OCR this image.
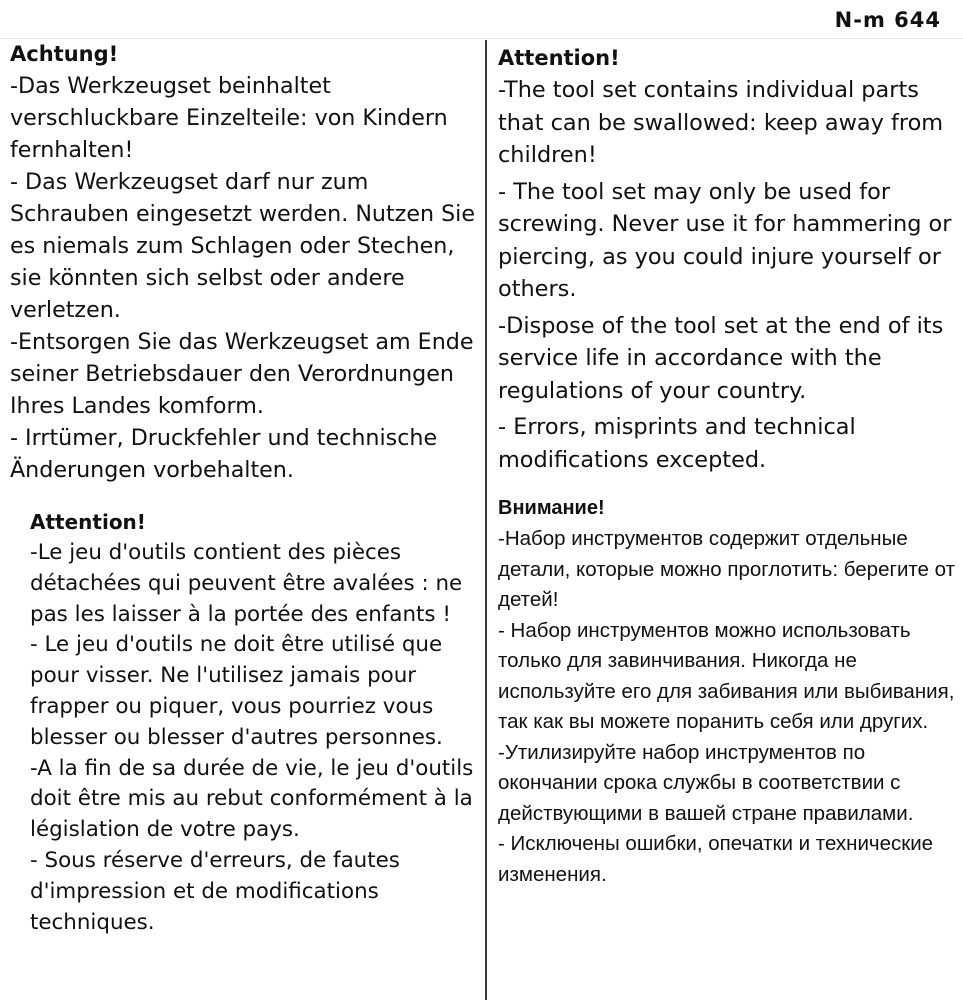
N-m 644
Achtung!

-Das Werkzeugset beinhaltet verschluckbare Einzelteile: von Kindern fernhalten!

- Das Werkzeugset darf nur zum Schrauben eingesetzt werden. Nutzen Sie es niemals zum Schlagen oder Stechen, sie könnten sich selbst oder andere verletzen.

-Entsorgen Sie das Werkzeugset am Ende seiner Betriebsdauer den Verordnungen Ihres Landes komform.

- Irrtümer, Druckfehler und technische Änderungen vorbehalten.

Attention!

-The tool set contains individual parts that can be swallowed: keep away from children!

- The tool set may only be used for screwing. Never use it for hammering or piercing, as you could injure yourself or others.

-Dispose of the tool set at the end of its service life in accordance with the regulations of your country.

- Errors, misprints and technical modifications excepted.

Attention!

-Le jeu d'outils contient des pièces détachées qui peuvent être avalées : ne pas les laisser à la portée des enfants !

- Le jeu d'outils ne doit être utilisé que pour visser. Ne l'utilisez jamais pour frapper ou piquer, vous pourriez vous blesser ou blesser d'autres personnes.

-A la fin de sa durée de vie, le jeu d'outils doit être mis au rebut conformément à la législation de votre pays.

- Sous réserve d'erreurs, de fautes d'impression et de modifications techniques.

Внимание!

-Набор инструментов содержит отдельные детали, которые можно проглотить: берегите от детей!

- Набор инструментов можно использовать только для завинчивания. Никогда не используйте его для забивания или выбивания, так как вы можете поранить себя или других.

-Утилизируйте набор инструментов по окончании срока службы в соответствии с действующими в вашей стране правилами.

- Исключены ошибки, опечатки и технические изменения.
